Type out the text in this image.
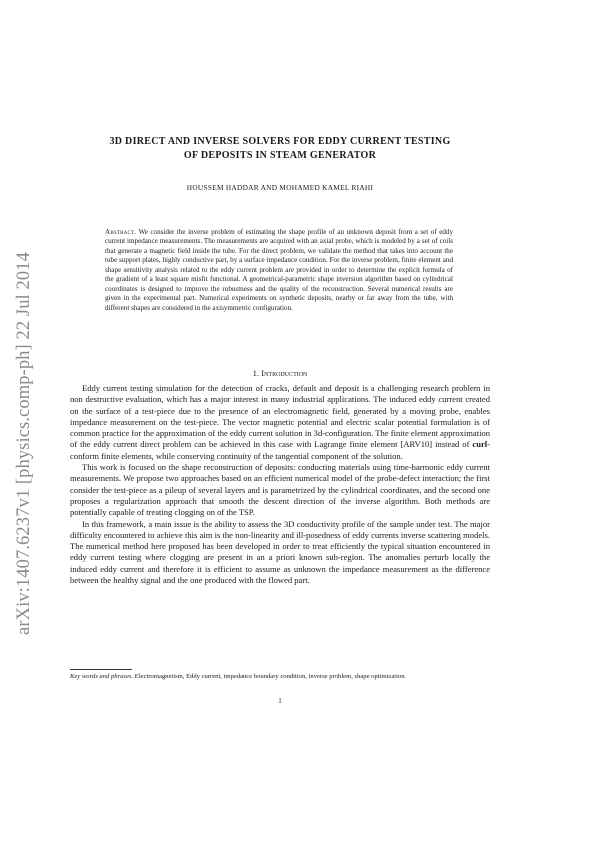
arXiv:1407.6237v1 [physics.comp-ph] 22 Jul 2014
3D DIRECT AND INVERSE SOLVERS FOR EDDY CURRENT TESTING
OF DEPOSITS IN STEAM GENERATOR
HOUSSEM HADDAR AND MOHAMED KAMEL RIAHI
Abstract. We consider the inverse problem of estimating the shape profile of an unknown deposit from a set of eddy current impedance measurements. The measurements are acquired with an axial probe, which is modeled by a set of coils that generate a magnetic field inside the tube. For the direct problem, we validate the method that takes into account the tube support plates, highly conductive part, by a surface impedance condition. For the inverse problem, finite element and shape sensitivity analysis related to the eddy current problem are provided in order to determine the explicit formula of the gradient of a least square misfit functional. A geometrical-parametric shape inversion algorithm based on cylindrical coordinates is designed to improve the robustness and the quality of the reconstruction. Several numerical results are given in the experimental part. Numerical experiments on synthetic deposits, nearby or far away from the tube, with different shapes are considered in the axisymmetric configuration.
1. Introduction

Eddy current testing simulation for the detection of cracks, default and deposit is a challenging research problem in non destructive evaluation, which has a major interest in many industrial applications. The induced eddy current created on the surface of a test-piece due to the presence of an electromagnetic field, generated by a moving probe, enables impedance measurement on the test-piece. The vector magnetic potential and electric scalar potential formulation is of common practice for the approximation of the eddy current solution in 3d-configuration. The finite element approximation of the eddy current direct problem can be achieved in this case with Lagrange finite element [ARV10] instead of curl-conform finite elements, while conserving continuity of the tangential component of the solution.

This work is focused on the shape reconstruction of deposits: conducting materials using time-harmonic eddy current measurements. We propose two approaches based on an efficient numerical model of the probe-defect interaction; the first consider the test-piece as a pileup of several layers and is parametrized by the cylindrical coordinates, and the second one proposes a regularization approach that smooth the descent direction of the inverse algorithm. Both methods are potentially capable of treating clogging on of the TSP.

In this framework, a main issue is the ability to assess the 3D conductivity profile of the sample under test. The major difficulty encountered to achieve this aim is the non-linearity and ill-posedness of eddy currents inverse scattering models. The numerical method here proposed has been developed in order to treat efficiently the typical situation encountered in eddy current testing where clogging are present in an a priori known sub-region. The anomalies perturb locally the induced eddy current and therefore it is efficient to assume as unknown the impedance measurement as the difference between the healthy signal and the one produced with the flowed part.

Key words and phrases. Electromagnetism, Eddy current, impedance boundary condition, inverse problem, shape optimization.
1
